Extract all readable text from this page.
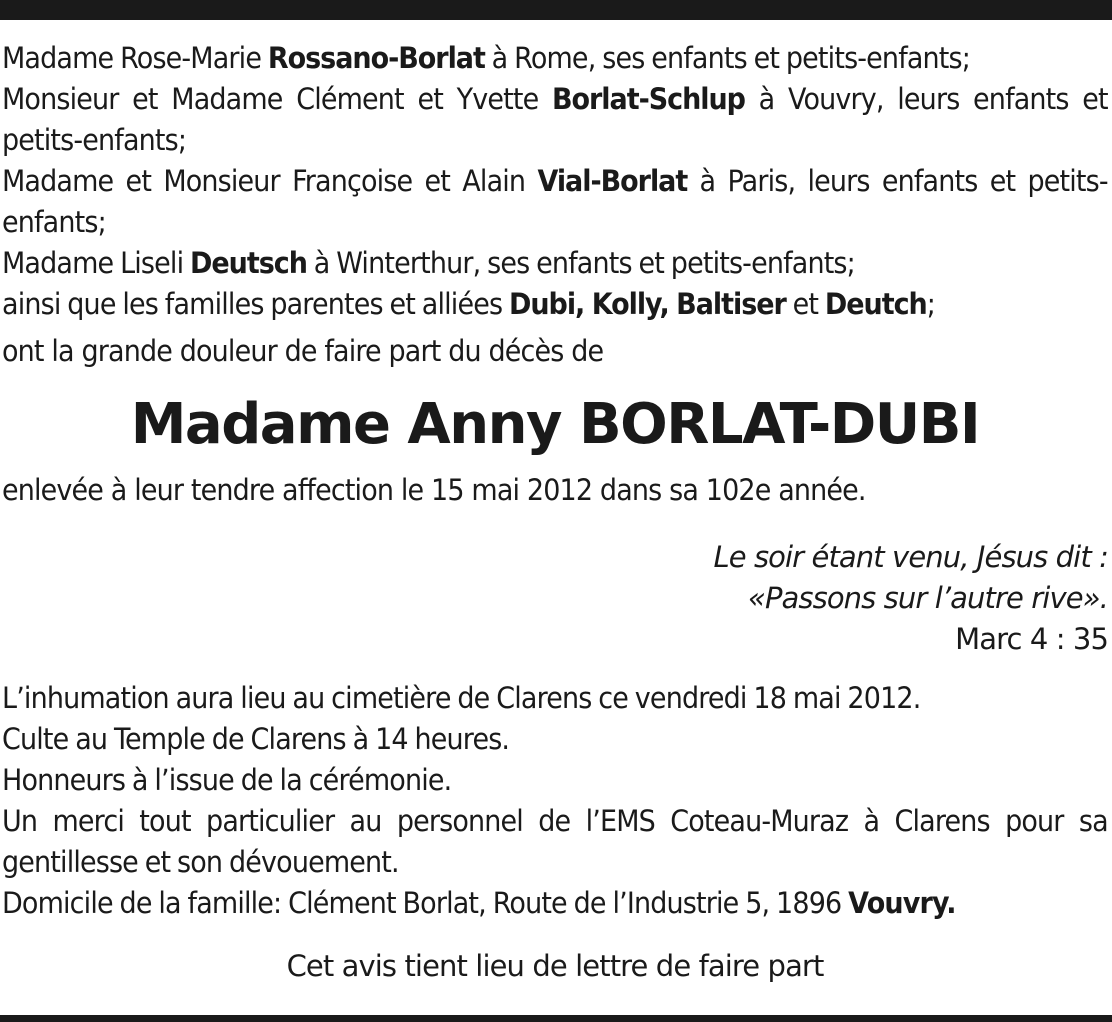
Madame Rose-Marie Rossano-Borlat à Rome, ses enfants et petits-enfants;

Monsieur et Madame Clément et Yvette Borlat-Schlup à Vouvry, leurs enfants et petits-enfants;

Madame et Monsieur Françoise et Alain Vial-Borlat à Paris, leurs enfants et petits-enfants;

Madame Liseli Deutsch à Winterthur, ses enfants et petits-enfants;

ainsi que les familles parentes et alliées Dubi, Kolly, Baltiser et Deutch;

ont la grande douleur de faire part du décès de

Madame Anny BORLAT-DUBI

enlevée à leur tendre affection le 15 mai 2012 dans sa 102e année.

Le soir étant venu, Jésus dit :
«Passons sur l’autre rive».
Marc 4 : 35

L’inhumation aura lieu au cimetière de Clarens ce vendredi 18 mai 2012.

Culte au Temple de Clarens à 14 heures.

Honneurs à l’issue de la cérémonie.

Un merci tout particulier au personnel de l’EMS Coteau-Muraz à Clarens pour sa gentillesse et son dévouement.

Domicile de la famille: Clément Borlat, Route de l’Industrie 5, 1896 Vouvry.

Cet avis tient lieu de lettre de faire part
